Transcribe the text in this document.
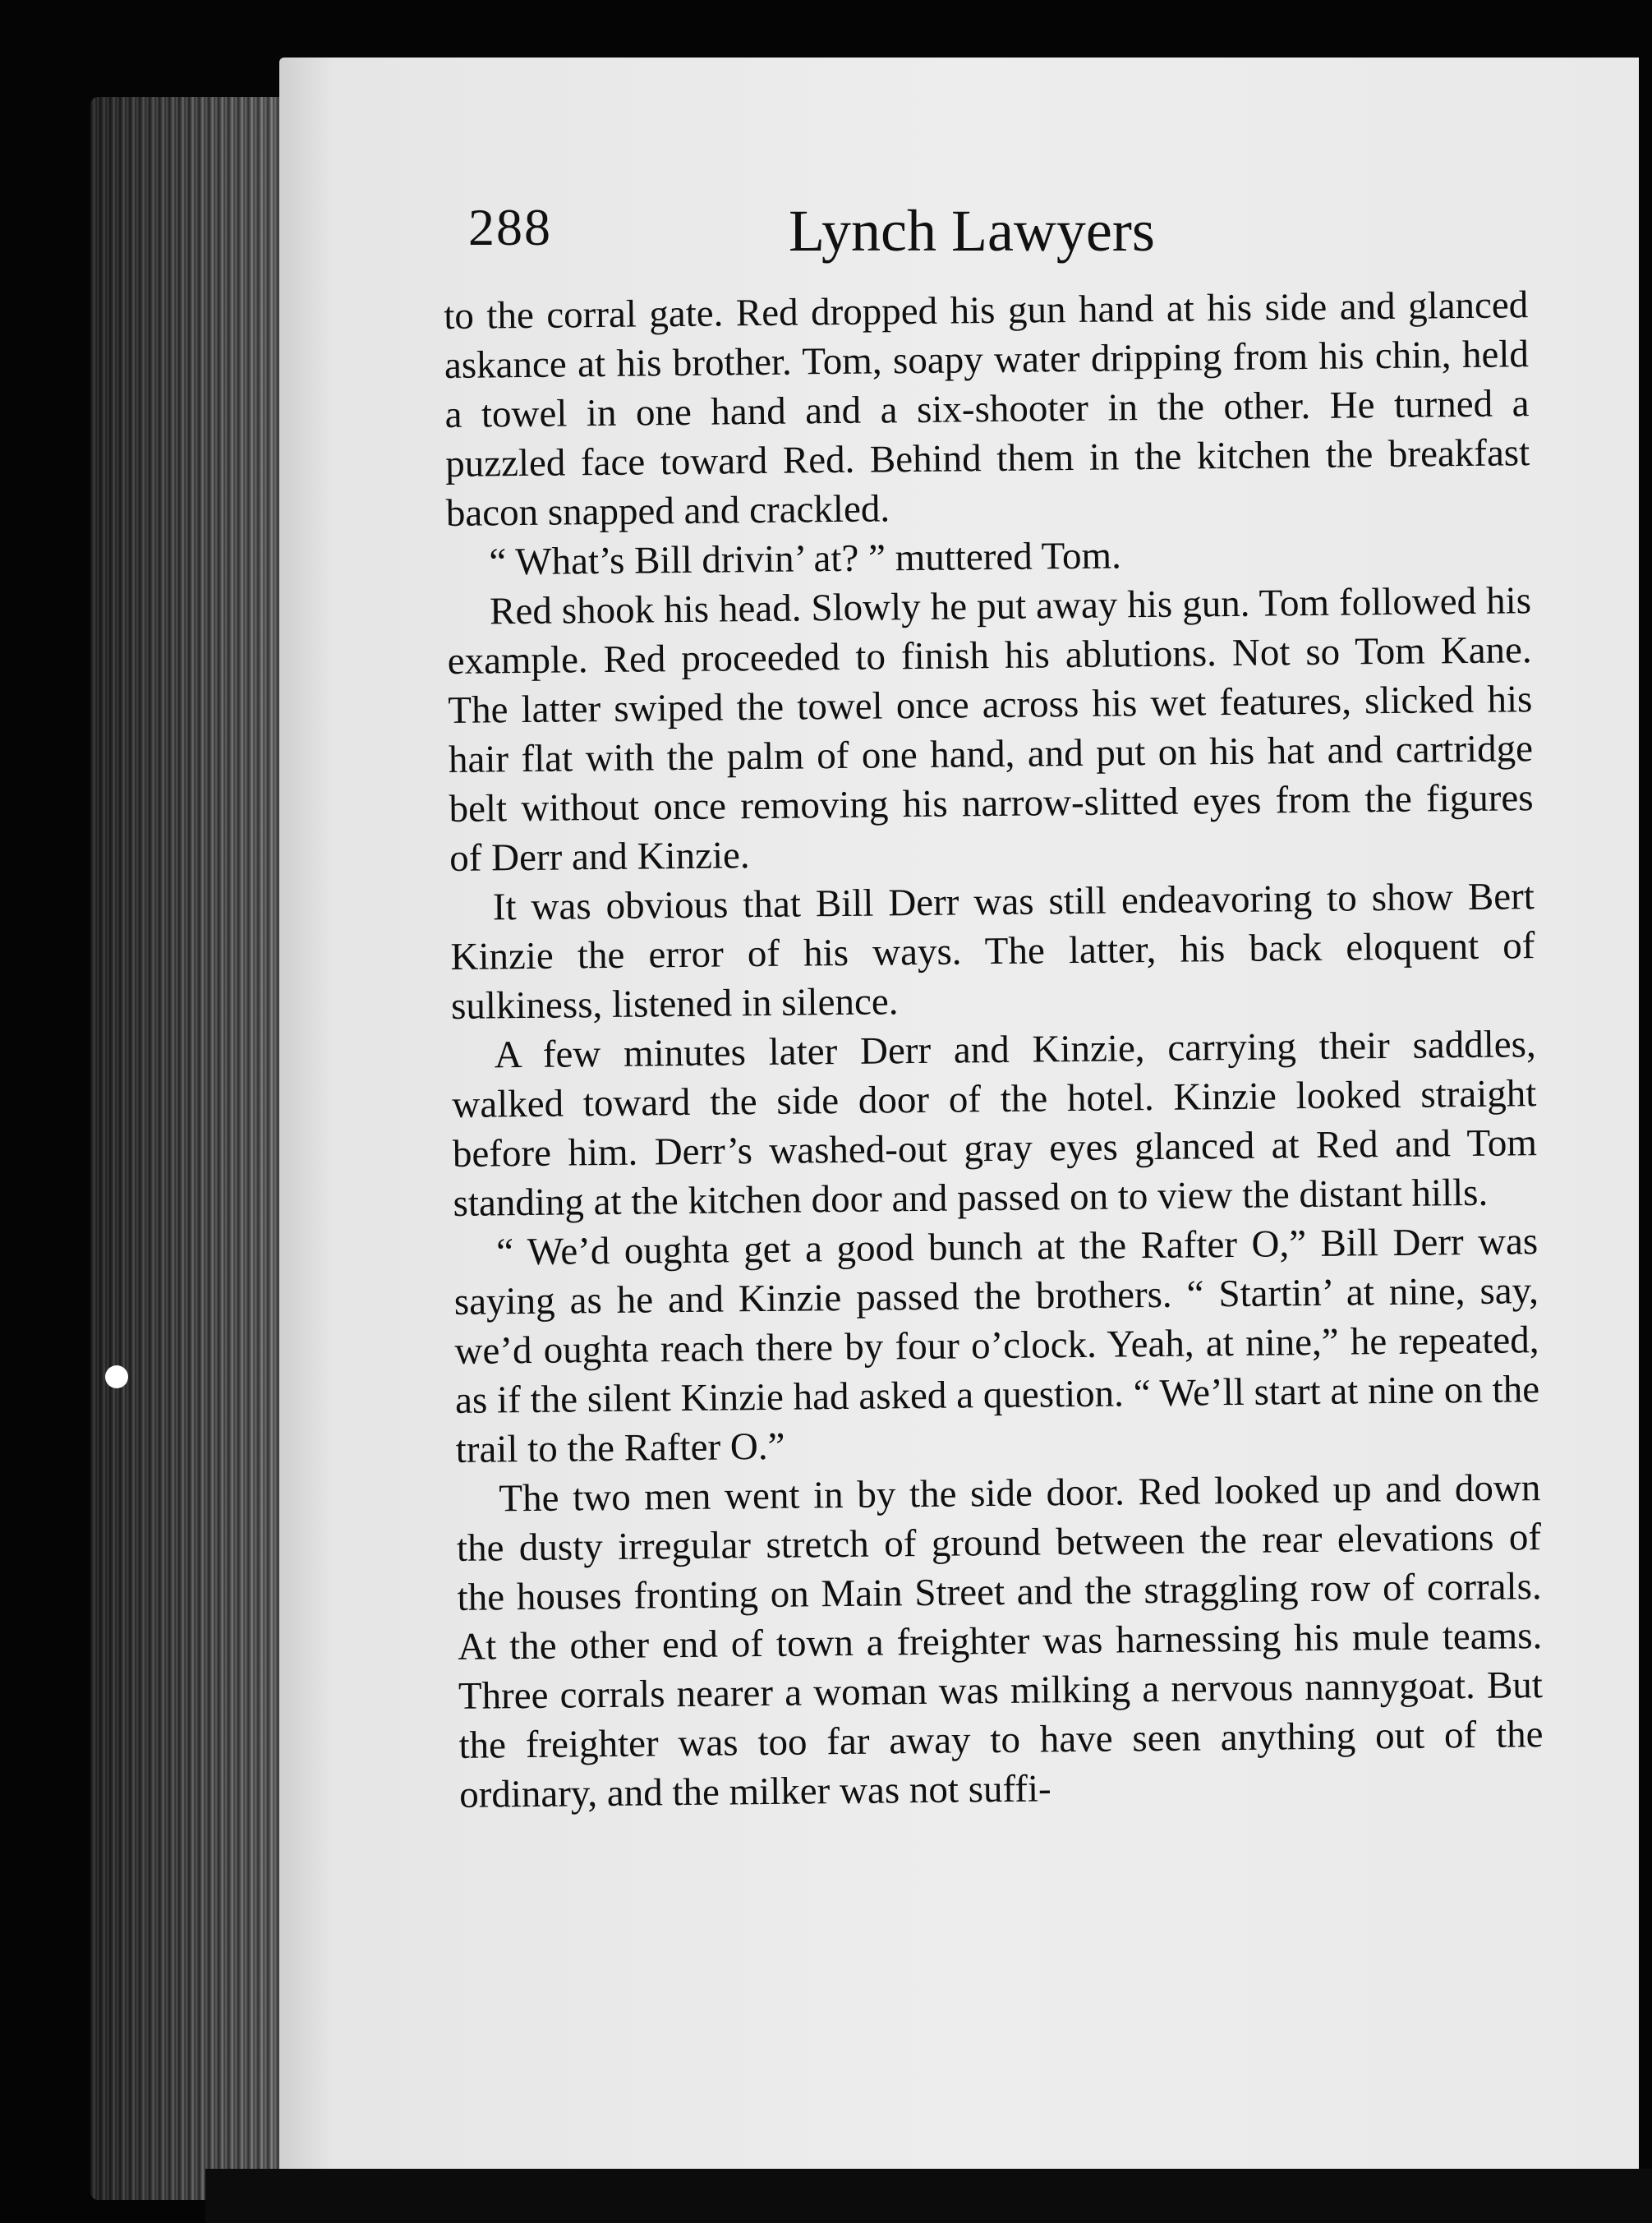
288	Lynch Lawyers

to the corral gate. Red dropped his gun hand at his side and glanced askance at his brother. Tom, soapy water dripping from his chin, held a towel in one hand and a six-shooter in the other. He turned a puzzled face toward Red. Behind them in the kitchen the breakfast bacon snapped and crackled.

“ What’s Bill drivin’ at? ” muttered Tom.

Red shook his head. Slowly he put away his gun. Tom followed his example. Red proceeded to finish his ablutions. Not so Tom Kane. The latter swiped the towel once across his wet features, slicked his hair flat with the palm of one hand, and put on his hat and cartridge belt without once removing his narrow-slitted eyes from the figures of Derr and Kinzie.

It was obvious that Bill Derr was still endeavoring to show Bert Kinzie the error of his ways. The latter, his back eloquent of sulkiness, listened in silence.

A few minutes later Derr and Kinzie, carrying their saddles, walked toward the side door of the hotel. Kinzie looked straight before him. Derr’s washed-out gray eyes glanced at Red and Tom standing at the kitchen door and passed on to view the distant hills.

“ We’d oughta get a good bunch at the Rafter O,” Bill Derr was saying as he and Kinzie passed the brothers. “ Startin’ at nine, say, we’d oughta reach there by four o’clock. Yeah, at nine,” he repeated, as if the silent Kinzie had asked a question. “ We’ll start at nine on the trail to the Rafter O.”

The two men went in by the side door. Red looked up and down the dusty irregular stretch of ground between the rear elevations of the houses fronting on Main Street and the straggling row of corrals. At the other end of town a freighter was harnessing his mule teams. Three corrals nearer a woman was milking a nervous nannygoat. But the freighter was too far away to have seen anything out of the ordinary, and the milker was not suffi-
